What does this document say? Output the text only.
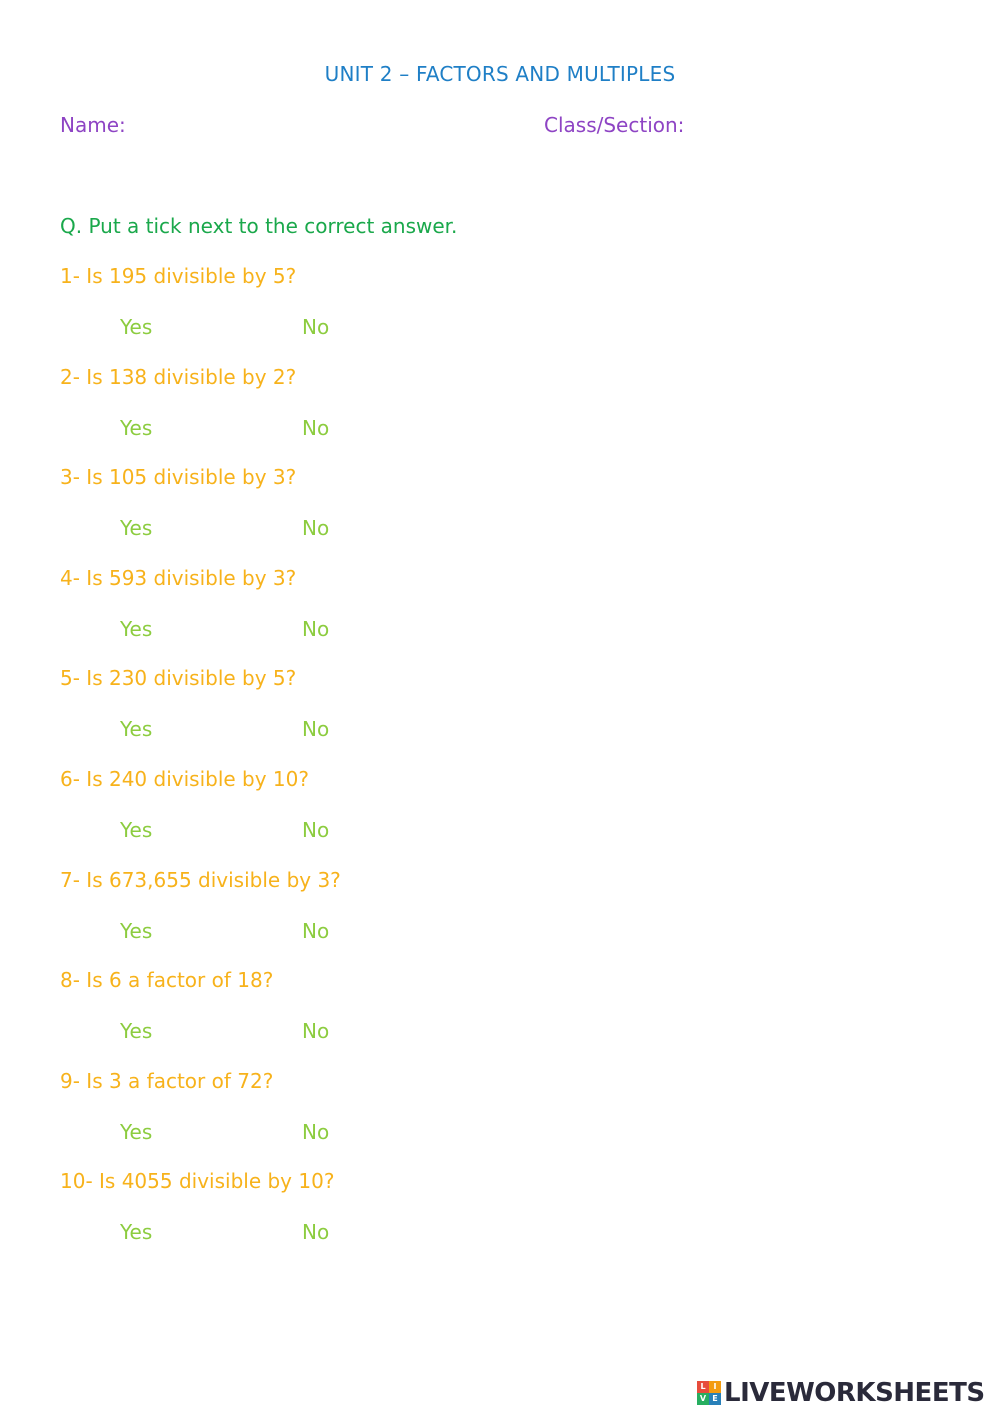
UNIT 2 – FACTORS AND MULTIPLES
Name:	Class/Section:
Q. Put a tick next to the correct answer.
1- Is 195 divisible by 5?
Yes	No
2- Is 138 divisible by 2?
Yes	No
3- Is 105 divisible by 3?
Yes	No
4- Is 593 divisible by 3?
Yes	No
5- Is 230 divisible by 5?
Yes	No
6- Is 240 divisible by 10?
Yes	No
7- Is 673,655 divisible by 3?
Yes	No
8- Is 6 a factor of 18?
Yes	No
9- Is 3 a factor of 72?
Yes	No
10- Is 4055 divisible by 10?
Yes	No
L I
V E LIVEWORKSHEETS
